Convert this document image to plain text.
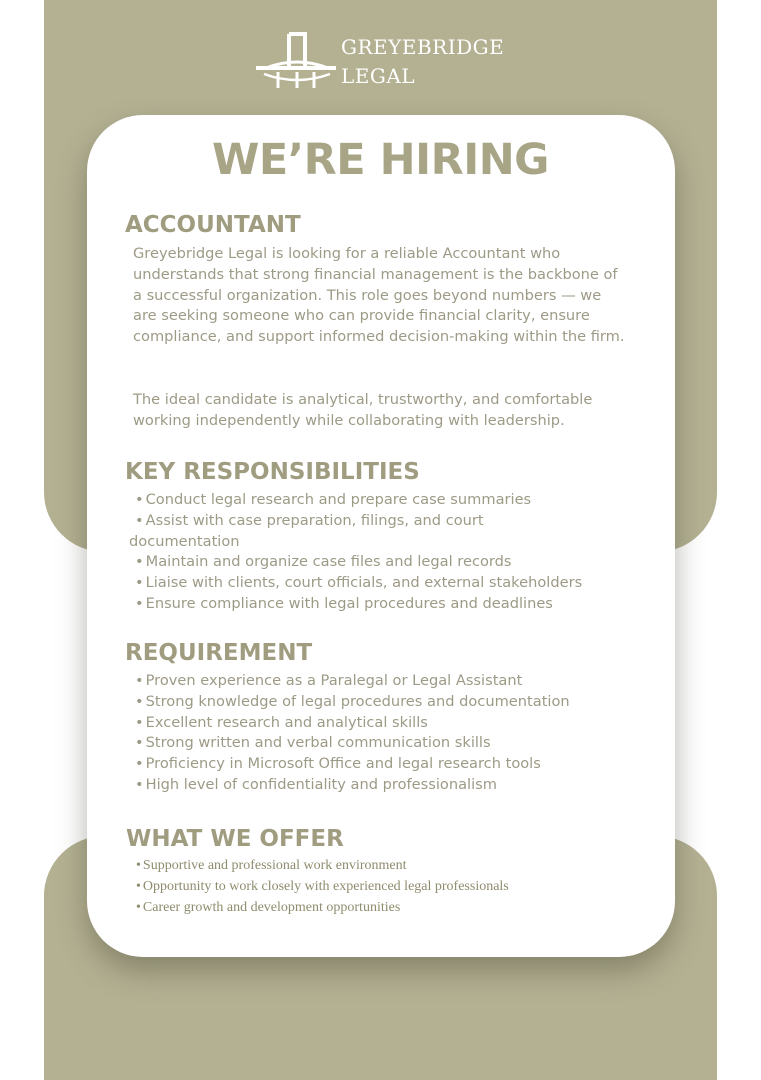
GREYEBRIDGE
LEGAL
WE’RE HIRING
ACCOUNTANT
Greyebridge Legal is looking for a reliable Accountant who understands that strong financial management is the backbone of a successful organization. This role goes beyond numbers — we are seeking someone who can provide financial clarity, ensure compliance, and support informed decision-making within the firm.
The ideal candidate is analytical, trustworthy, and comfortable working independently while collaborating with leadership.
KEY RESPONSIBILITIES
• Conduct legal research and prepare case summaries
• Assist with case preparation, filings, and court
documentation
• Maintain and organize case files and legal records
• Liaise with clients, court officials, and external stakeholders
• Ensure compliance with legal procedures and deadlines
REQUIREMENT
• Proven experience as a Paralegal or Legal Assistant
• Strong knowledge of legal procedures and documentation
• Excellent research and analytical skills
• Strong written and verbal communication skills
• Proficiency in Microsoft Office and legal research tools
• High level of confidentiality and professionalism
WHAT WE OFFER
• Supportive and professional work environment
• Opportunity to work closely with experienced legal professionals
• Career growth and development opportunities
